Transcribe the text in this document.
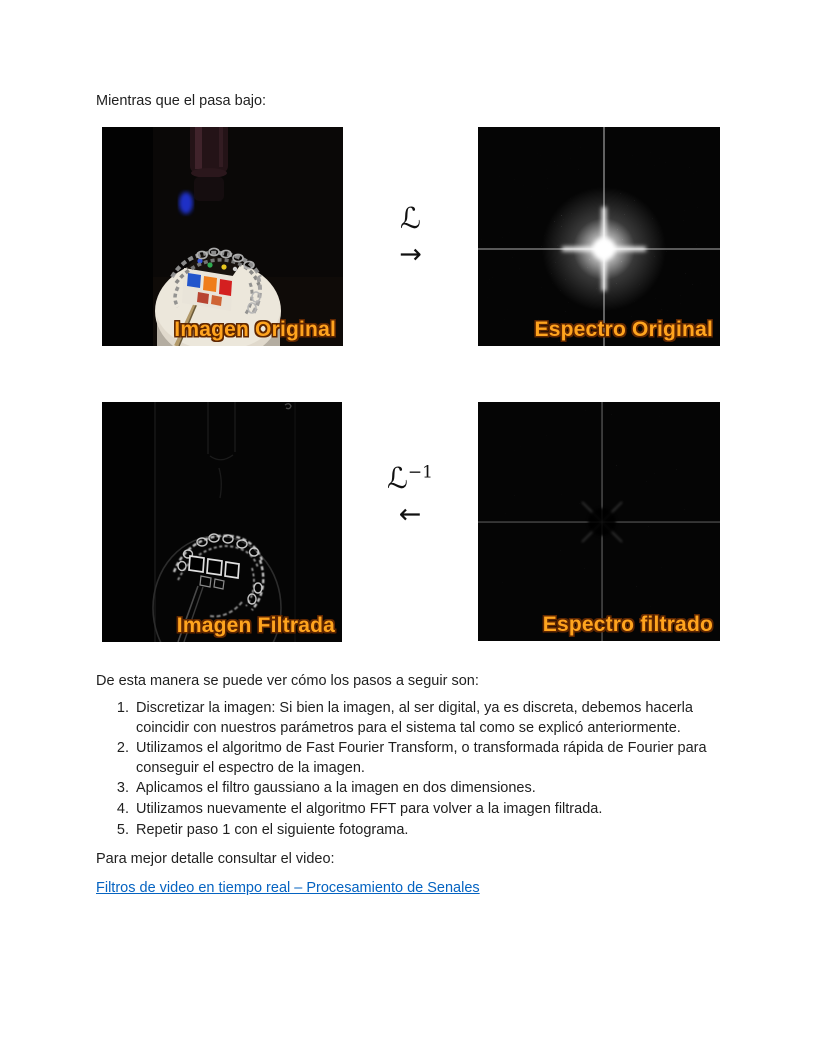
Mientras que el pasa bajo:

Imagen Original
ℒ
→
Espectro Original
Imagen Filtrada
ℒ$^{-1}$
←
Espectro filtrado

De esta manera se puede ver cómo los pasos a seguir son:

1. Discretizar la imagen: Si bien la imagen, al ser digital, ya es discreta, debemos hacerla coincidir con nuestros parámetros para el sistema tal como se explicó anteriormente.
2. Utilizamos el algoritmo de Fast Fourier Transform, o transformada rápida de Fourier para conseguir el espectro de la imagen.
3. Aplicamos el filtro gaussiano a la imagen en dos dimensiones.
4. Utilizamos nuevamente el algoritmo FFT para volver a la imagen filtrada.
5. Repetir paso 1 con el siguiente fotograma.

Para mejor detalle consultar el video:

Filtros de video en tiempo real – Procesamiento de Senales
